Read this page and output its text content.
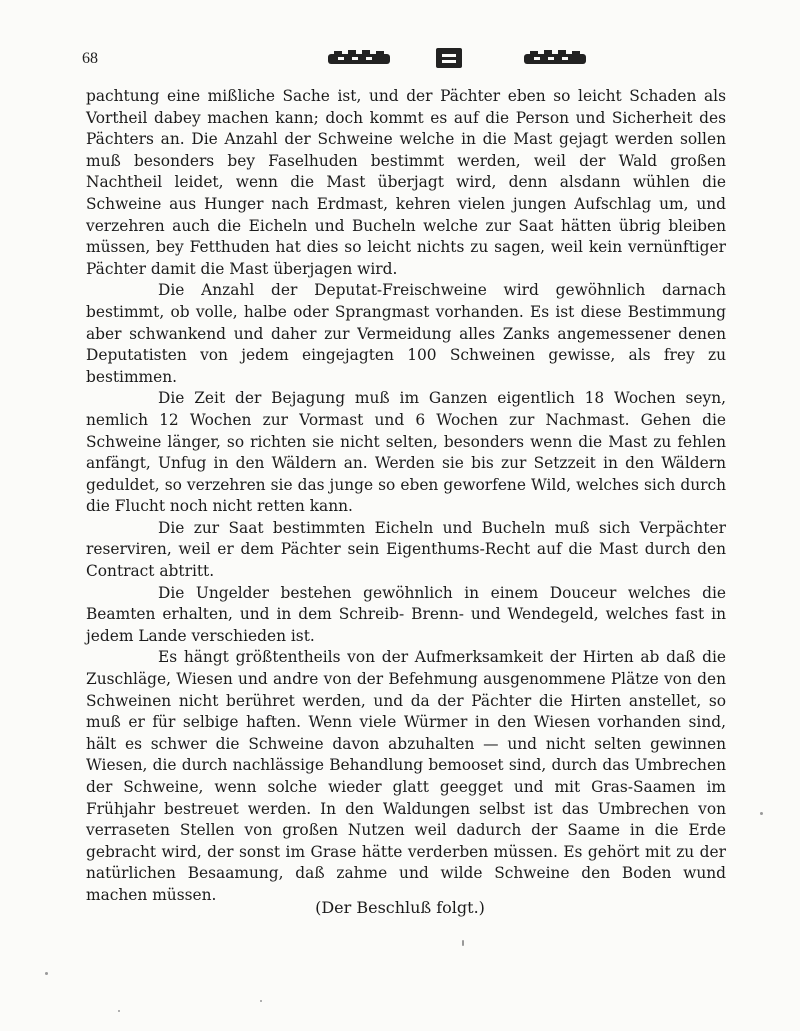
68

pachtung eine mißliche Sache ist, und der Pächter eben so leicht Schaden als Vortheil dabey machen kann; doch kommt es auf die Person und Sicherheit des Pächters an. Die Anzahl der Schweine welche in die Mast gejagt werden sollen muß besonders bey Faselhuden bestimmt werden, weil der Wald großen Nachtheil leidet, wenn die Mast überjagt wird, denn alsdann wühlen die Schweine aus Hunger nach Erdmast, kehren vielen jungen Aufschlag um, und verzehren auch die Eicheln und Bucheln welche zur Saat hätten übrig bleiben müssen, bey Fetthuden hat dies so leicht nichts zu sagen, weil kein vernünftiger Pächter damit die Mast überjagen wird.

Die Anzahl der Deputat-Freischweine wird gewöhnlich darnach bestimmt, ob volle, halbe oder Sprangmast vorhanden. Es ist diese Bestimmung aber schwankend und daher zur Vermeidung alles Zanks angemessener denen Deputatisten von jedem eingejagten 100 Schweinen gewisse, als frey zu bestimmen.

Die Zeit der Bejagung muß im Ganzen eigentlich 18 Wochen seyn, nemlich 12 Wochen zur Vormast und 6 Wochen zur Nachmast. Gehen die Schweine länger, so richten sie nicht selten, besonders wenn die Mast zu fehlen anfängt, Unfug in den Wäldern an. Werden sie bis zur Setzzeit in den Wäldern geduldet, so verzehren sie das junge so eben geworfene Wild, welches sich durch die Flucht noch nicht retten kann.

Die zur Saat bestimmten Eicheln und Bucheln muß sich Verpächter reserviren, weil er dem Pächter sein Eigenthums-Recht auf die Mast durch den Contract abtritt.

Die Ungelder bestehen gewöhnlich in einem Douceur welches die Beamten erhalten, und in dem Schreib- Brenn- und Wendegeld, welches fast in jedem Lande verschieden ist.

Es hängt größtentheils von der Aufmerksamkeit der Hirten ab daß die Zuschläge, Wiesen und andre von der Befehmung ausgenommene Plätze von den Schweinen nicht berühret werden, und da der Pächter die Hirten anstellet, so muß er für selbige haften. Wenn viele Würmer in den Wiesen vorhanden sind, hält es schwer die Schweine davon abzuhalten — und nicht selten gewinnen Wiesen, die durch nachlässige Behandlung bemooset sind, durch das Umbrechen der Schweine, wenn solche wieder glatt geegget und mit Gras-Saamen im Frühjahr bestreuet werden. In den Waldungen selbst ist das Umbrechen von verraseten Stellen von großen Nutzen weil dadurch der Saame in die Erde gebracht wird, der sonst im Grase hätte verderben müssen. Es gehört mit zu der natürlichen Besaamung, daß zahme und wilde Schweine den Boden wund machen müssen.

(Der Beschluß folgt.)
